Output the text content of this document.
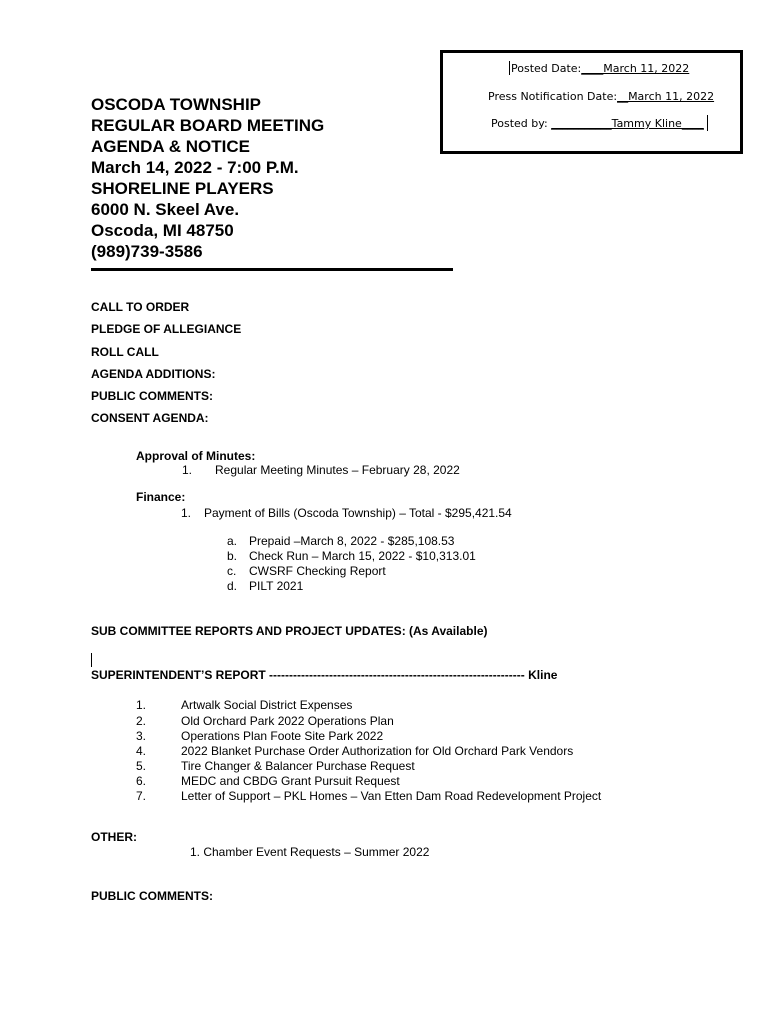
Posted Date:____March 11, 2022
Press Notification Date:__March 11, 2022
Posted by: ___________Tammy Kline____
OSCODA TOWNSHIP
REGULAR BOARD MEETING
AGENDA & NOTICE
March 14, 2022 - 7:00 P.M.
SHORELINE PLAYERS
6000 N. Skeel Ave.
Oscoda, MI 48750
(989)739-3586
CALL TO ORDER
PLEDGE OF ALLEGIANCE
ROLL CALL
AGENDA ADDITIONS:
PUBLIC COMMENTS:
CONSENT AGENDA:
Approval of Minutes:
1. Regular Meeting Minutes – February 28, 2022
Finance:
1. Payment of Bills (Oscoda Township) – Total - $295,421.54
a. Prepaid –March 8, 2022 - $285,108.53
b. Check Run – March 15, 2022 - $10,313.01
c. CWSRF Checking Report
d. PILT 2021
SUB COMMITTEE REPORTS AND PROJECT UPDATES: (As Available)
SUPERINTENDENT’S REPORT ---------------------------------------------------------------- Kline
1.	Artwalk Social District Expenses
2.	Old Orchard Park 2022 Operations Plan
3.	Operations Plan Foote Site Park 2022
4.	2022 Blanket Purchase Order Authorization for Old Orchard Park Vendors
5.	Tire Changer & Balancer Purchase Request
6.	MEDC and CBDG Grant Pursuit Request
7.	Letter of Support – PKL Homes – Van Etten Dam Road Redevelopment Project
OTHER:
1. Chamber Event Requests – Summer 2022
PUBLIC COMMENTS:
